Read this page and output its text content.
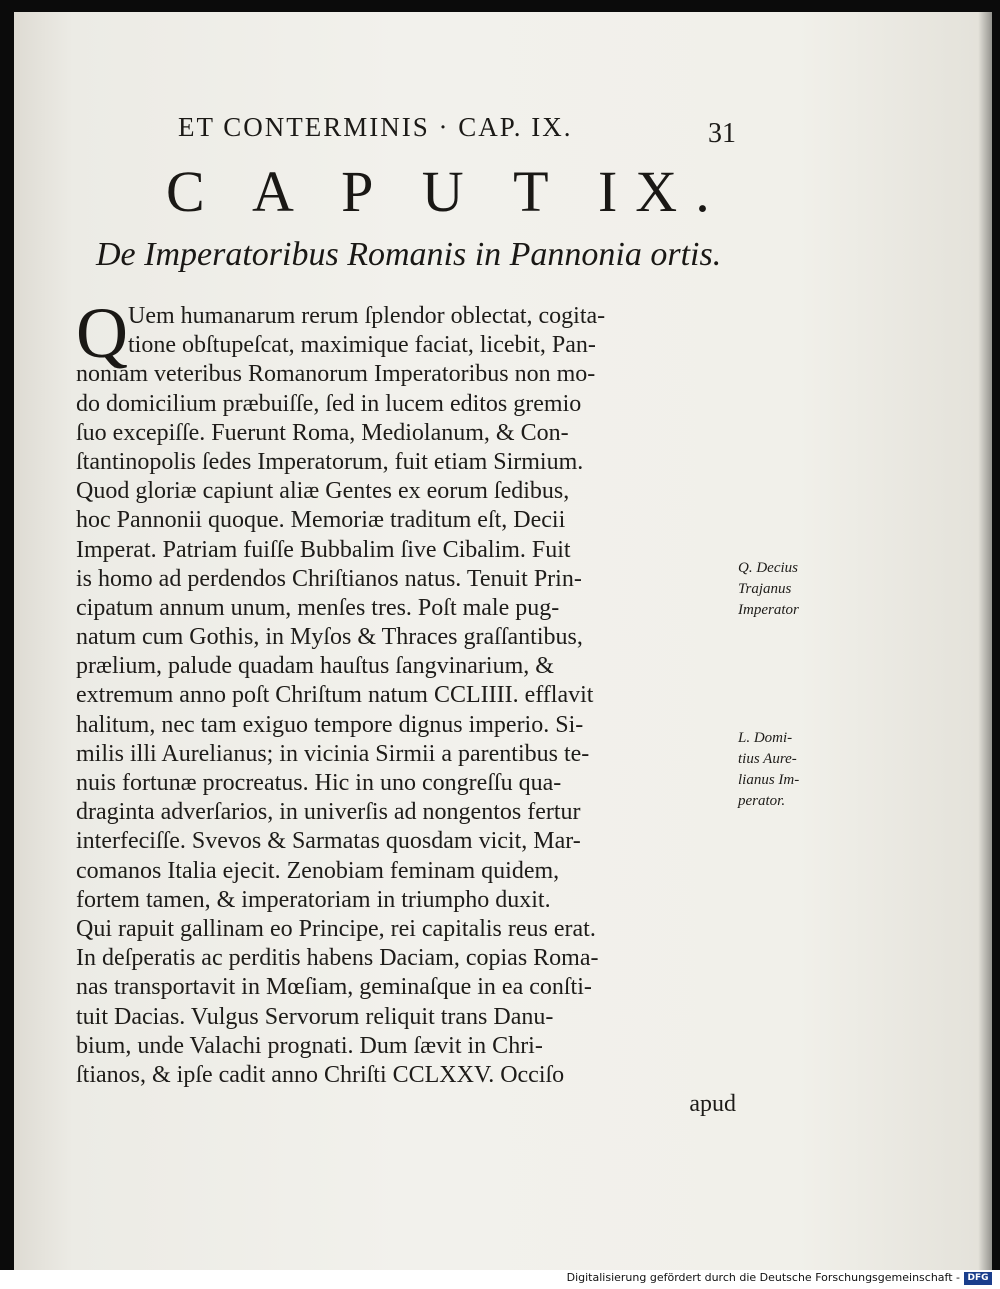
ET CONTERMINIS · CAP. IX.	31
C A P U T IX.
De Imperatoribus Romanis in Pannonia ortis.
Q Uem humanarum rerum ſplendor oblectat, cogita-
tione obſtupeſcat, maximique faciat, licebit, Pan-
noniam veteribus Romanorum Imperatoribus non mo-
do domicilium præbuiſſe, ſed in lucem editos gremio
ſuo excepiſſe. Fuerunt Roma, Mediolanum, & Con-
ſtantinopolis ſedes Imperatorum, fuit etiam Sirmium.
Quod gloriæ capiunt aliæ Gentes ex eorum ſedibus,
hoc Pannonii quoque. Memoriæ traditum eſt, Decii
Imperat. Patriam fuiſſe Bubbalim ſive Cibalim. Fuit
is homo ad perdendos Chriſtianos natus. Tenuit Prin-
cipatum annum unum, menſes tres. Poſt male pug-
natum cum Gothis, in Myſos & Thraces graſſantibus,
prælium, palude quadam hauſtus ſangvinarium, &
extremum anno poſt Chriſtum natum CCLIIII. efflavit
halitum, nec tam exiguo tempore dignus imperio. Si-
milis illi Aurelianus; in vicinia Sirmii a parentibus te-
nuis fortunæ procreatus. Hic in uno congreſſu qua-
draginta adverſarios, in univerſis ad nongentos fertur
interfeciſſe. Svevos & Sarmatas quosdam vicit, Mar-
comanos Italia ejecit. Zenobiam feminam quidem,
fortem tamen, & imperatoriam in triumpho duxit.
Qui rapuit gallinam eo Principe, rei capitalis reus erat.
In deſperatis ac perditis habens Daciam, copias Roma-
nas transportavit in Mœſiam, geminaſque in ea conſti-
tuit Dacias. Vulgus Servorum reliquit trans Danu-
bium, unde Valachi prognati. Dum ſævit in Chri-
ſtianos, & ipſe cadit anno Chriſti CCLXXV. Occiſo
apud
Q. Decius
Trajanus
Imperator
L. Domi-
tius Aure-
lianus Im-
perator.
Digitalisierung gefördert durch die Deutsche Forschungsgemeinschaft - DFG
